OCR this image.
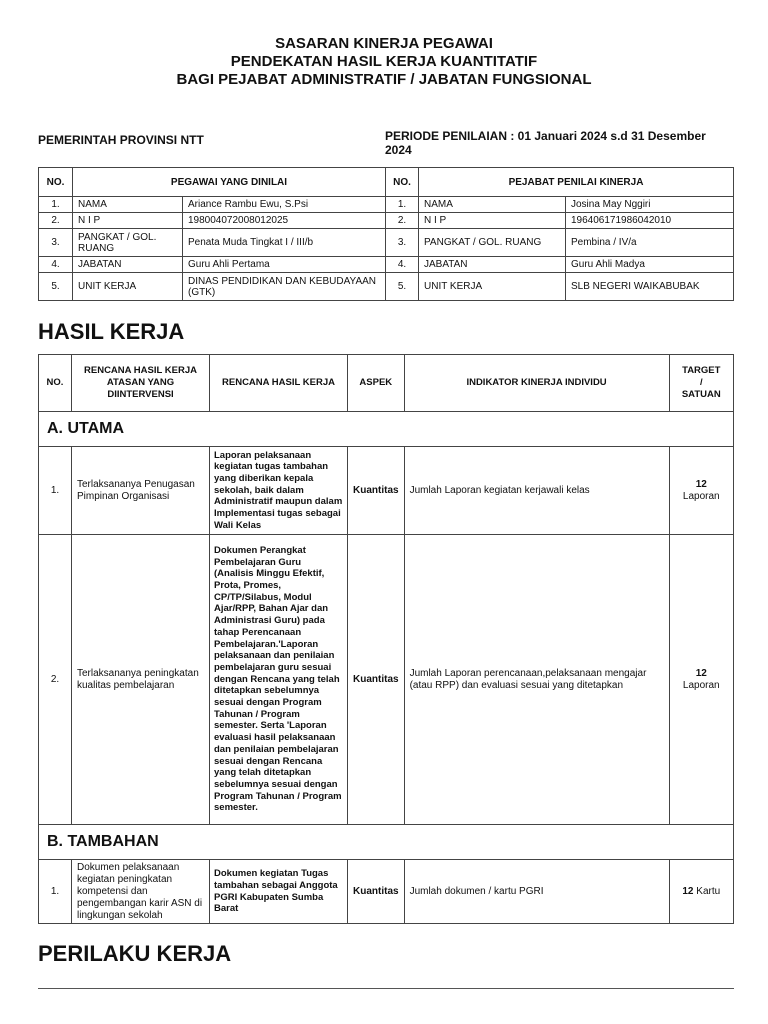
SASARAN KINERJA PEGAWAI
PENDEKATAN HASIL KERJA KUANTITATIF
BAGI PEJABAT ADMINISTRATIF / JABATAN FUNGSIONAL
PEMERINTAH PROVINSI NTT	PERIODE PENILAIAN : 01 Januari 2024 s.d 31 Desember 2024
NO.	PEGAWAI YANG DINILAI		NO.	PEJABAT PENILAI KINERJA	
1.	NAMA	Ariance Rambu Ewu, S.Psi	1.	NAMA	Josina May Nggiri
2.	N I P	198004072008012025	2.	N I P	196406171986042010
3.	PANGKAT / GOL. RUANG	Penata Muda Tingkat I / III/b	3.	PANGKAT / GOL. RUANG	Pembina / IV/a
4.	JABATAN	Guru Ahli Pertama	4.	JABATAN	Guru Ahli Madya
5.	UNIT KERJA	DINAS PENDIDIKAN DAN KEBUDAYAAN (GTK)	5.	UNIT KERJA	SLB NEGERI WAIKABUBAK
HASIL KERJA
NO.	RENCANA HASIL KERJA ATASAN YANG DIINTERVENSI	RENCANA HASIL KERJA	ASPEK	INDIKATOR KINERJA INDIVIDU	TARGET
/
SATUAN

A. UTAMA					
1.	Terlaksananya Penugasan Pimpinan Organisasi	Laporan pelaksanaan kegiatan tugas tambahan yang diberikan kepala sekolah, baik dalam Administratif maupun dalam Implementasi tugas sebagai Wali Kelas	Kuantitas	Jumlah Laporan kegiatan kerjawali kelas	12
Laporan
2.	Terlaksananya peningkatan kualitas pembelajaran	Dokumen Perangkat Pembelajaran Guru (Analisis Minggu Efektif, Prota, Promes, CP/TP/Silabus, Modul Ajar/RPP, Bahan Ajar dan Administrasi Guru) pada tahap Perencanaan Pembelajaran.'Laporan pelaksanaan dan penilaian pembelajaran guru sesuai dengan Rencana yang telah ditetapkan sebelumnya sesuai dengan Program Tahunan / Program semester. Serta 'Laporan evaluasi hasil pelaksanaan dan penilaian pembelajaran sesuai dengan Rencana yang telah ditetapkan sebelumnya sesuai dengan Program Tahunan / Program semester.	Kuantitas	Jumlah Laporan perencanaan,pelaksanaan mengajar (atau RPP) dan evaluasi sesuai yang ditetapkan	12
Laporan
B. TAMBAHAN					
1.	Dokumen pelaksanaan kegiatan peningkatan kompetensi dan pengembangan karir ASN di lingkungan sekolah	Dokumen kegiatan Tugas tambahan sebagai Anggota PGRI Kabupaten Sumba Barat	Kuantitas	Jumlah dokumen / kartu PGRI	12 Kartu
PERILAKU KERJA
